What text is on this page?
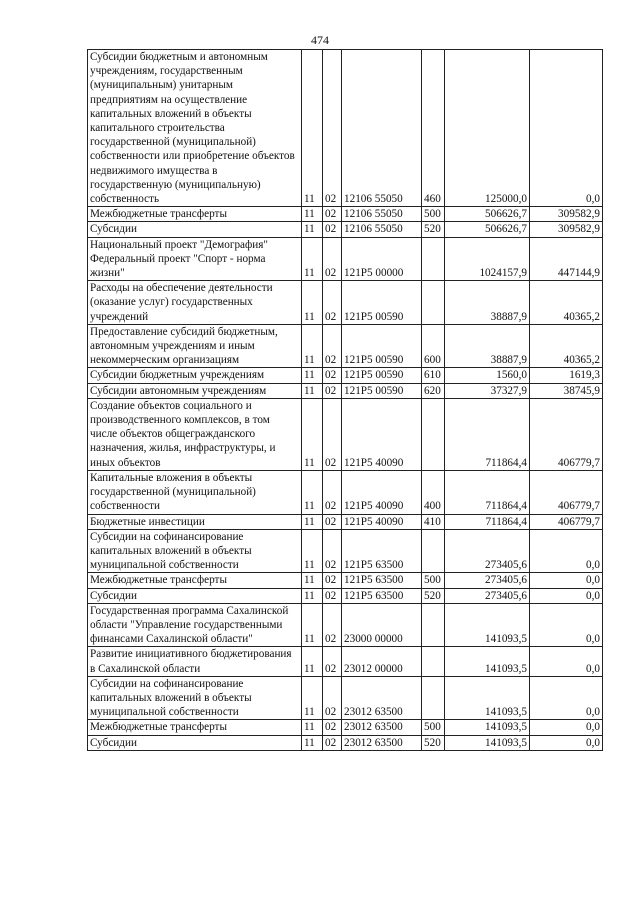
474
Субсидии бюджетным и автономным учреждениям, государственным (муниципальным) унитарным предприятиям на осуществление капитальных вложений в объекты капитального строительства государственной (муниципальной) собственности или приобретение объектов недвижимого имущества в государственную (муниципальную) собственность	11	02	12106 55050	460	125000,0	0,0
Межбюджетные трансферты	11	02	12106 55050	500	506626,7	309582,9
Субсидии	11	02	12106 55050	520	506626,7	309582,9
Национальный проект "Демография" Федеральный проект "Спорт - норма жизни"	11	02	121P5 00000		1024157,9	447144,9
Расходы на обеспечение деятельности (оказание услуг) государственных учреждений	11	02	121P5 00590		38887,9	40365,2
Предоставление субсидий бюджетным, автономным учреждениям и иным некоммерческим организациям	11	02	121P5 00590	600	38887,9	40365,2
Субсидии бюджетным учреждениям	11	02	121P5 00590	610	1560,0	1619,3
Субсидии автономным учреждениям	11	02	121P5 00590	620	37327,9	38745,9
Создание объектов социального и производственного комплексов, в том числе объектов общегражданского назначения, жилья, инфраструктуры, и иных объектов	11	02	121P5 40090		711864,4	406779,7
Капитальные вложения в объекты государственной (муниципальной) собственности	11	02	121P5 40090	400	711864,4	406779,7
Бюджетные инвестиции	11	02	121P5 40090	410	711864,4	406779,7
Субсидии на софинансирование капитальных вложений в объекты муниципальной собственности	11	02	121P5 63500		273405,6	0,0
Межбюджетные трансферты	11	02	121P5 63500	500	273405,6	0,0
Субсидии	11	02	121P5 63500	520	273405,6	0,0
Государственная программа Сахалинской области "Управление государственными финансами Сахалинской области"	11	02	23000 00000		141093,5	0,0
Развитие инициативного бюджетирования в Сахалинской области	11	02	23012 00000		141093,5	0,0
Субсидии на софинансирование капитальных вложений в объекты муниципальной собственности	11	02	23012 63500		141093,5	0,0
Межбюджетные трансферты	11	02	23012 63500	500	141093,5	0,0
Субсидии	11	02	23012 63500	520	141093,5	0,0
